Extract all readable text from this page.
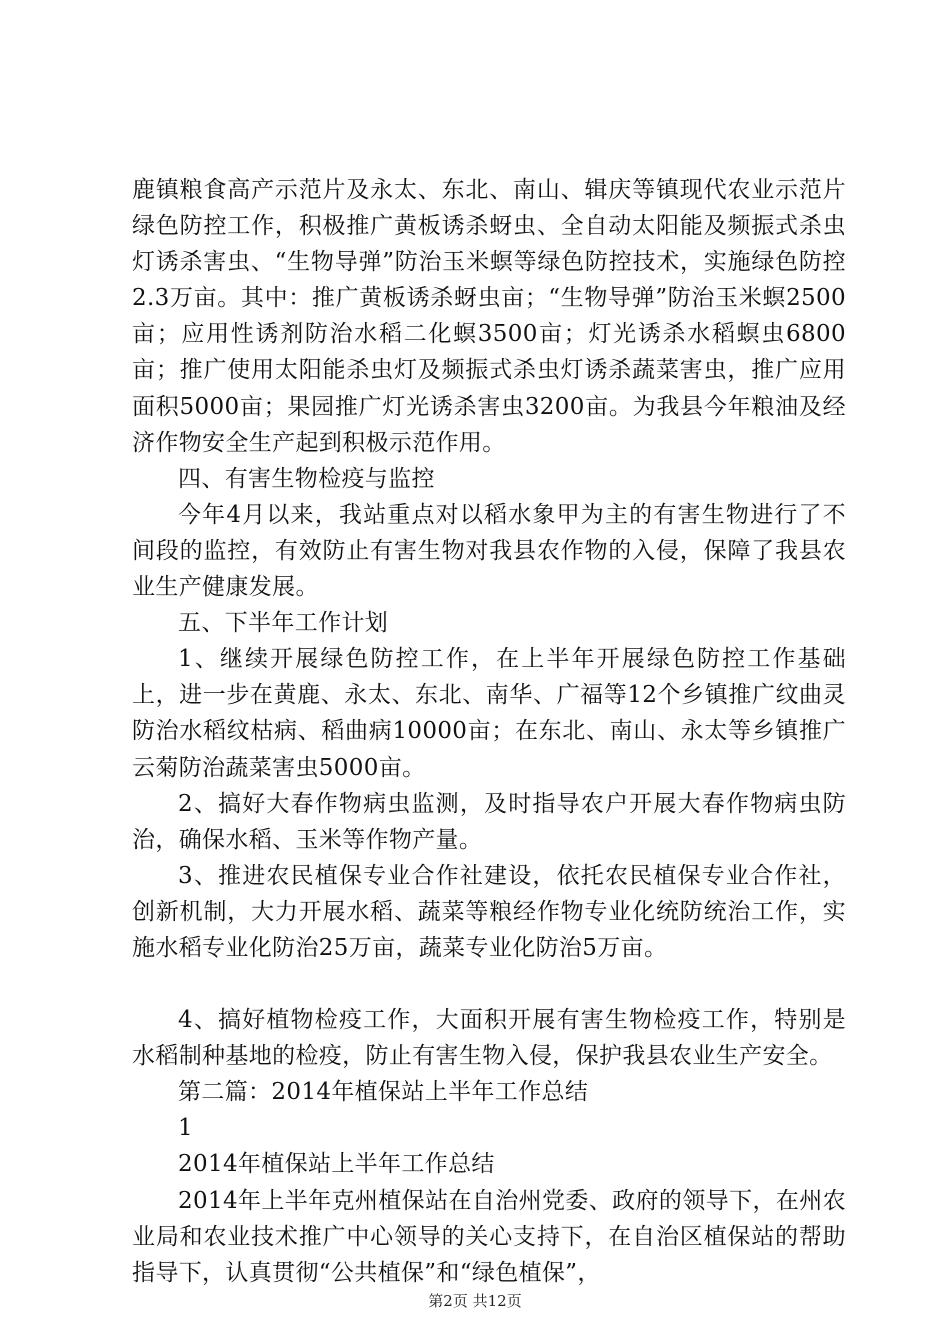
鹿镇粮食高产示范片及永太、东北、南山、辑庆等镇现代农业示范片绿色防控工作，积极推广黄板诱杀蚜虫、全自动太阳能及频振式杀虫灯诱杀害虫、“生物导弹”防治玉米螟等绿色防控技术，实施绿色防控2.3万亩。其中：推广黄板诱杀蚜虫亩；“生物导弹”防治玉米螟2500亩；应用性诱剂防治水稻二化螟3500亩；灯光诱杀水稻螟虫6800亩；推广使用太阳能杀虫灯及频振式杀虫灯诱杀蔬菜害虫，推广应用面积5000亩；果园推广灯光诱杀害虫3200亩。为我县今年粮油及经济作物安全生产起到积极示范作用。

四、有害生物检疫与监控

今年4月以来，我站重点对以稻水象甲为主的有害生物进行了不间段的监控，有效防止有害生物对我县农作物的入侵，保障了我县农业生产健康发展。

五、下半年工作计划

1、继续开展绿色防控工作，在上半年开展绿色防控工作基础上，进一步在黄鹿、永太、东北、南华、广福等12个乡镇推广纹曲灵防治水稻纹枯病、稻曲病10000亩；在东北、南山、永太等乡镇推广云菊防治蔬菜害虫5000亩。

2、搞好大春作物病虫监测，及时指导农户开展大春作物病虫防治，确保水稻、玉米等作物产量。

3、推进农民植保专业合作社建设，依托农民植保专业合作社，创新机制，大力开展水稻、蔬菜等粮经作物专业化统防统治工作，实施水稻专业化防治25万亩，蔬菜专业化防治5万亩。

4、搞好植物检疫工作，大面积开展有害生物检疫工作，特别是水稻制种基地的检疫，防止有害生物入侵，保护我县农业生产安全。

第二篇：2014年植保站上半年工作总结

1

2014年植保站上半年工作总结

2014年上半年克州植保站在自治州党委、政府的领导下，在州农业局和农业技术推广中心领导的关心支持下，在自治区植保站的帮助指导下，认真贯彻“公共植保”和“绿色植保”，

第2页 共12页
